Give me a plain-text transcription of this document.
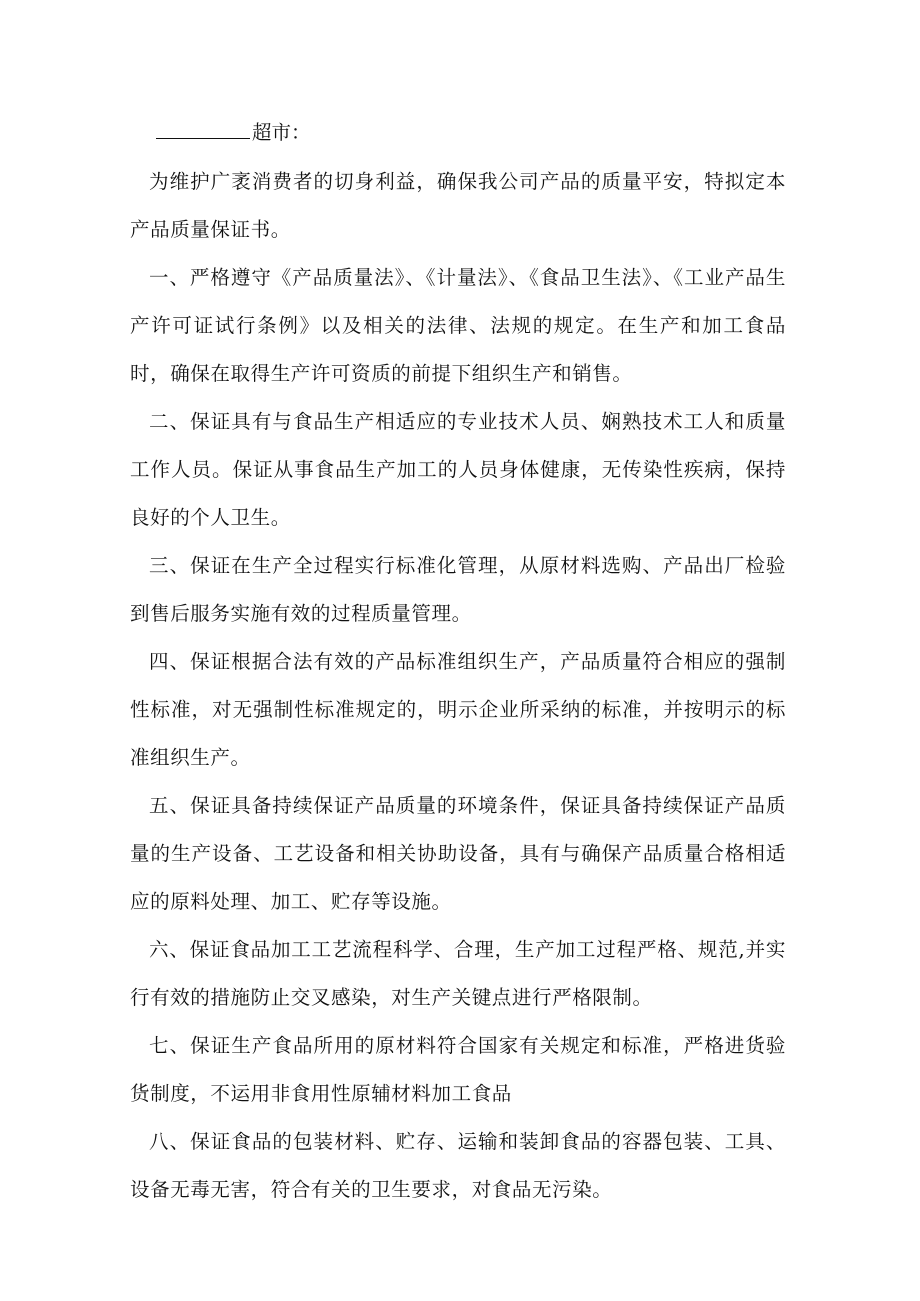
超市：

为维护广袤消费者的切身利益，确保我公司产品的质量平安，特拟定本产品质量保证书。

一、严格遵守《产品质量法》、《计量法》、《食品卫生法》、《工业产品生产许可证试行条例》以及相关的法律、法规的规定。在生产和加工食品时，确保在取得生产许可资质的前提下组织生产和销售。

二、保证具有与食品生产相适应的专业技术人员、娴熟技术工人和质量工作人员。保证从事食品生产加工的人员身体健康，无传染性疾病，保持良好的个人卫生。

三、保证在生产全过程实行标准化管理，从原材料选购、产品出厂检验到售后服务实施有效的过程质量管理。

四、保证根据合法有效的产品标准组织生产，产品质量符合相应的强制性标准，对无强制性标准规定的，明示企业所采纳的标准，并按明示的标准组织生产。

五、保证具备持续保证产品质量的环境条件，保证具备持续保证产品质量的生产设备、工艺设备和相关协助设备，具有与确保产品质量合格相适应的原料处理、加工、贮存等设施。

六、保证食品加工工艺流程科学、合理，生产加工过程严格、规范,并实行有效的措施防止交叉感染，对生产关键点进行严格限制。

七、保证生产食品所用的原材料符合国家有关规定和标准，严格进货验货制度，不运用非食用性原辅材料加工食品

八、保证食品的包装材料、贮存、运输和装卸食品的容器包装、工具、设备无毒无害，符合有关的卫生要求，对食品无污染。
